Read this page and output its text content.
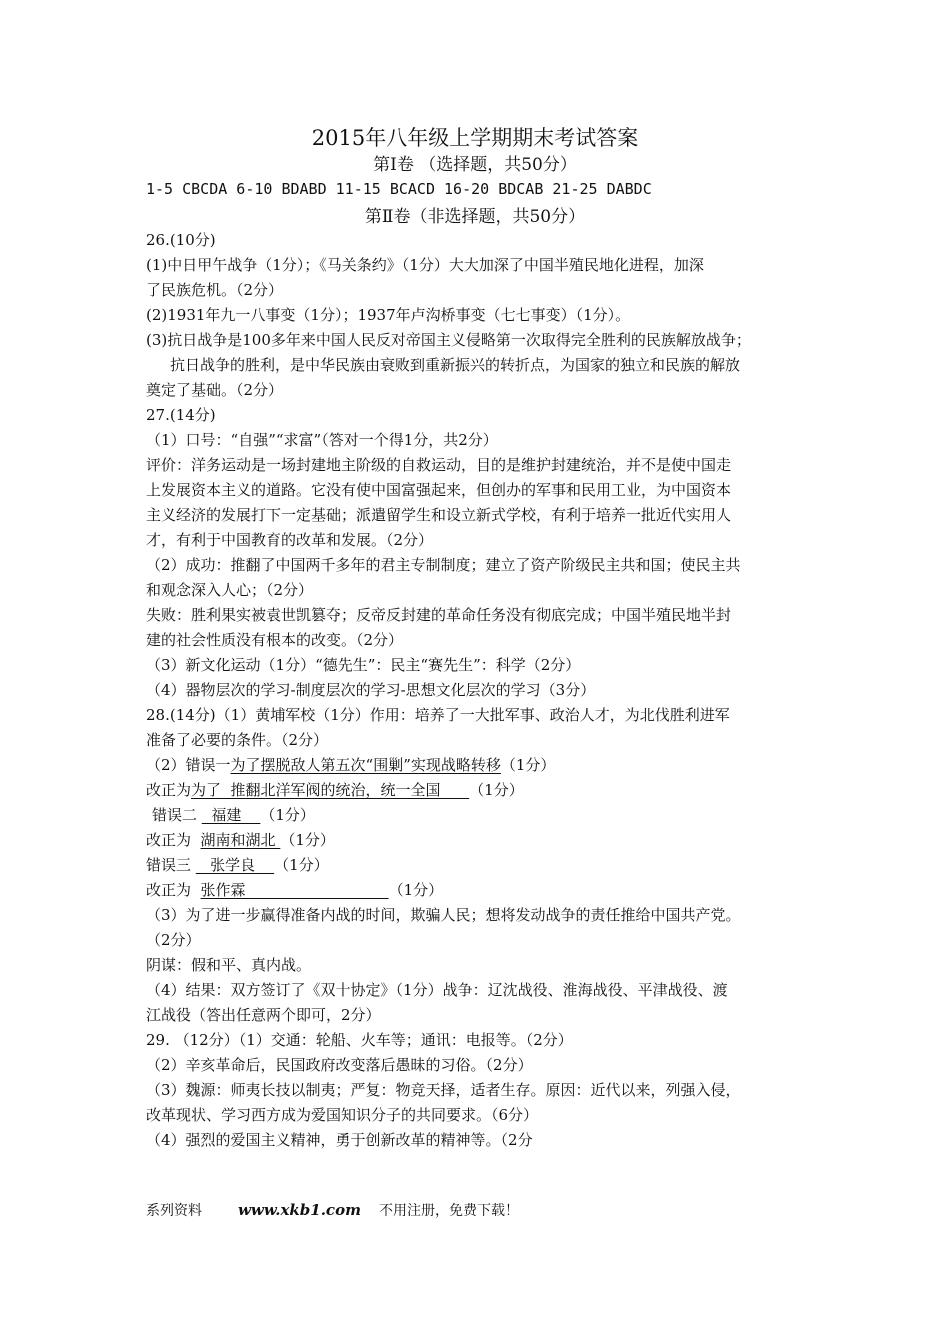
2015年八年级上学期期末考试答案
第Ⅰ卷 （选择题，共50分）
1-5 CBCDA 6-10 BDABD 11-15 BCACD 16-20 BDCAB 21-25 DABDC
第Ⅱ卷（非选择题，共50分）
26.(10分)
(1)中日甲午战争（1分）；《马关条约》（1分）大大加深了中国半殖民地化进程，加深
了民族危机。（2分）
(2)1931年九一八事变（1分）；1937年卢沟桥事变（七七事变）（1分）。
(3)抗日战争是100多年来中国人民反对帝国主义侵略第一次取得完全胜利的民族解放战争；
抗日战争的胜利，是中华民族由衰败到重新振兴的转折点，为国家的独立和民族的解放
奠定了基础。（2分）
27.(14分)
（1）口号：“自强”“求富”（答对一个得1分，共2分）
评价：洋务运动是一场封建地主阶级的自救运动，目的是维护封建统治，并不是使中国走
上发展资本主义的道路。它没有使中国富强起来，但创办的军事和民用工业，为中国资本
主义经济的发展打下一定基础；派遣留学生和设立新式学校，有利于培养一批近代实用人
才，有利于中国教育的改革和发展。（2分）
（2）成功：推翻了中国两千多年的君主专制制度；建立了资产阶级民主共和国；使民主共
和观念深入人心；（2分）
失败：胜利果实被袁世凯篡夺；反帝反封建的革命任务没有彻底完成；中国半殖民地半封
建的社会性质没有根本的改变。（2分）
（3）新文化运动（1分）“德先生”：民主“赛先生”：科学（2分）
（4）器物层次的学习-制度层次的学习-思想文化层次的学习（3分）
28.(14分)（1）黄埔军校（1分）作用：培养了一大批军事、政治人才，为北伐胜利进军
准备了必要的条件。（2分）
（2）错误一为了摆脱敌人第五次“围剿”实现战略转移（1分）
改正为为了  推翻北洋军阀的统治，统一全国      （1分）
错误二   福建    （1分）
改正为  湖南和湖北 （1分）
错误三    张学良    （1分）
改正为  张作霖                              （1分）
（3）为了进一步赢得准备内战的时间，欺骗人民；想将发动战争的责任推给中国共产党。
（2分）
阴谋：假和平、真内战。
（4）结果：双方签订了《双十协定》（1分）战争：辽沈战役、淮海战役、平津战役、渡
江战役（答出任意两个即可，2分）
29. （12分）（1）交通：轮船、火车等；通讯：电报等。（2分）
（2）辛亥革命后，民国政府改变落后愚昧的习俗。（2分）
（3）魏源：师夷长技以制夷；严复：物竞天择，适者生存。原因：近代以来，列强入侵，
改革现状、学习西方成为爱国知识分子的共同要求。（6分）
（4）强烈的爱国主义精神，勇于创新改革的精神等。（2分
系列资料 www.xkb1.com 不用注册，免费下载！
